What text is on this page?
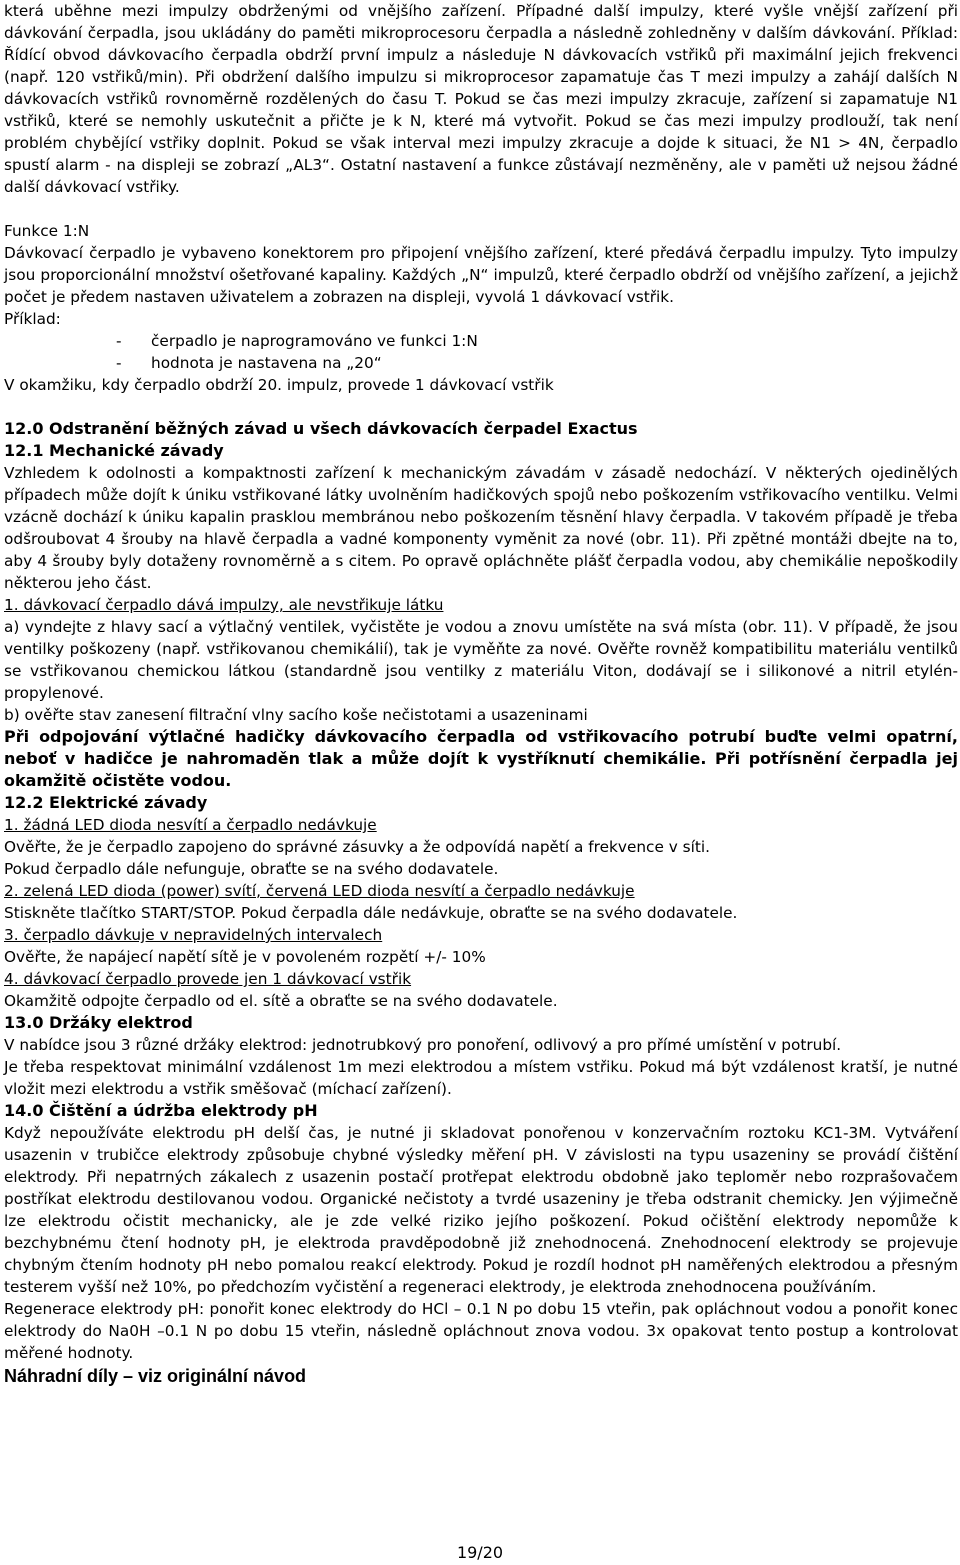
která uběhne mezi impulzy obdrženými od vnějšího zařízení. Případné další impulzy, které vyšle vnější zařízení při dávkování čerpadla, jsou ukládány do paměti mikroprocesoru čerpadla a následně zohledněny v dalším dávkování. Příklad: Řídící obvod dávkovacího čerpadla obdrží první impulz a následuje N dávkovacích vstřiků při maximální jejich frekvenci (např. 120 vstřiků/min). Při obdržení dalšího impulzu si mikroprocesor zapamatuje čas T mezi impulzy a zahájí dalších N dávkovacích vstřiků rovnoměrně rozdělených do času T. Pokud se čas mezi impulzy zkracuje, zařízení si zapamatuje N1 vstřiků, které se nemohly uskutečnit a přičte je k N, které má vytvořit. Pokud se čas mezi impulzy prodlouží, tak není problém chybějící vstřiky doplnit. Pokud se však interval mezi impulzy zkracuje a dojde k situaci, že N1 > 4N, čerpadlo spustí alarm - na displeji se zobrazí „AL3“. Ostatní nastavení a funkce zůstávají nezměněny, ale v paměti už nejsou žádné další dávkovací vstřiky.

Funkce 1:N

Dávkovací čerpadlo je vybaveno konektorem pro připojení vnějšího zařízení, které předává čerpadlu impulzy. Tyto impulzy jsou proporcionální množství ošetřované kapaliny. Každých „N“ impulzů, které čerpadlo obdrží od vnějšího zařízení, a jejichž počet je předem nastaven uživatelem a zobrazen na displeji, vyvolá 1 dávkovací vstřik.

Příklad:

-	čerpadlo je naprogramováno ve funkci 1:N
-	hodnota je nastavena na „20“

V okamžiku, kdy čerpadlo obdrží 20. impulz, provede 1 dávkovací vstřik

12.0 Odstranění běžných závad u všech dávkovacích čerpadel Exactus

12.1 Mechanické závady

Vzhledem k odolnosti a kompaktnosti zařízení k mechanickým závadám v zásadě nedochází. V některých ojedinělých případech může dojít k úniku vstřikované látky uvolněním hadičkových spojů nebo poškozením vstřikovacího ventilku. Velmi vzácně dochází k úniku kapalin prasklou membránou nebo poškozením těsnění hlavy čerpadla. V takovém případě je třeba odšroubovat 4 šrouby na hlavě čerpadla a vadné komponenty vyměnit za nové (obr. 11). Při zpětné montáži dbejte na to, aby 4 šrouby byly dotaženy rovnoměrně a s citem. Po opravě opláchněte plášť čerpadla vodou, aby chemikálie nepoškodily některou jeho část.

1. dávkovací čerpadlo dává impulzy, ale nevstřikuje látku

a) vyndejte z hlavy sací a výtlačný ventilek, vyčistěte je vodou a znovu umístěte na svá místa (obr. 11). V případě, že jsou ventilky poškozeny (např. vstřikovanou chemikálií), tak je vyměňte za nové. Ověřte rovněž kompatibilitu materiálu ventilků se vstřikovanou chemickou látkou (standardně jsou ventilky z materiálu Viton, dodávají se i silikonové a nitril etylén-propylenové.

b) ověřte stav zanesení filtrační vlny sacího koše nečistotami a usazeninami

Při odpojování výtlačné hadičky dávkovacího čerpadla od vstřikovacího potrubí buďte velmi opatrní, neboť v hadičce je nahromaděn tlak a může dojít k vystříknutí chemikálie. Při potřísnění čerpadla jej okamžitě očistěte vodou.

12.2 Elektrické závady

1. žádná LED dioda nesvítí a čerpadlo nedávkuje

Ověřte, že je čerpadlo zapojeno do správné zásuvky a že odpovídá napětí a frekvence v síti.

Pokud čerpadlo dále nefunguje, obraťte se na svého dodavatele.

2. zelená LED dioda (power) svítí, červená LED dioda nesvítí a čerpadlo nedávkuje

Stiskněte tlačítko START/STOP. Pokud čerpadla dále nedávkuje, obraťte se na svého dodavatele.

3. čerpadlo dávkuje v nepravidelných intervalech

Ověřte, že napájecí napětí sítě je v povoleném rozpětí +/- 10%

4. dávkovací čerpadlo provede jen 1 dávkovací vstřik

Okamžitě odpojte čerpadlo od el. sítě a obraťte se na svého dodavatele.

13.0 Držáky elektrod

V nabídce jsou 3 různé držáky elektrod: jednotrubkový pro ponoření, odlivový a pro přímé umístění v potrubí.

Je třeba respektovat minimální vzdálenost 1m mezi elektrodou a místem vstřiku. Pokud má být vzdálenost kratší, je nutné vložit mezi elektrodu a vstřik směšovač (míchací zařízení).

14.0 Čištění a údržba elektrody pH

Když nepoužíváte elektrodu pH delší čas, je nutné ji skladovat ponořenou v konzervačním roztoku KC1-3M. Vytváření usazenin v trubičce elektrody způsobuje chybné výsledky měření pH. V závislosti na typu usazeniny se provádí čištění elektrody. Při nepatrných zákalech z usazenin postačí protřepat elektrodu obdobně jako teploměr nebo rozprašovačem postříkat elektrodu destilovanou vodou. Organické nečistoty a tvrdé usazeniny je třeba odstranit chemicky. Jen výjimečně lze elektrodu očistit mechanicky, ale je zde velké riziko jejího poškození. Pokud očištění elektrody nepomůže k bezchybnému čtení hodnoty pH, je elektroda pravděpodobně již znehodnocená. Znehodnocení elektrody se projevuje chybným čtením hodnoty pH nebo pomalou reakcí elektrody. Pokud je rozdíl hodnot pH naměřených elektrodou a přesným testerem vyšší než 10%, po předchozím vyčistění a regeneraci elektrody, je elektroda znehodnocena používáním.

Regenerace elektrody pH: ponořit konec elektrody do HCl – 0.1 N po dobu 15 vteřin, pak opláchnout vodou a ponořit konec elektrody do Na0H –0.1 N po dobu 15 vteřin, následně opláchnout znova vodou. 3x opakovat tento postup a kontrolovat měřené hodnoty.

Náhradní díly – viz originální návod

19/20
